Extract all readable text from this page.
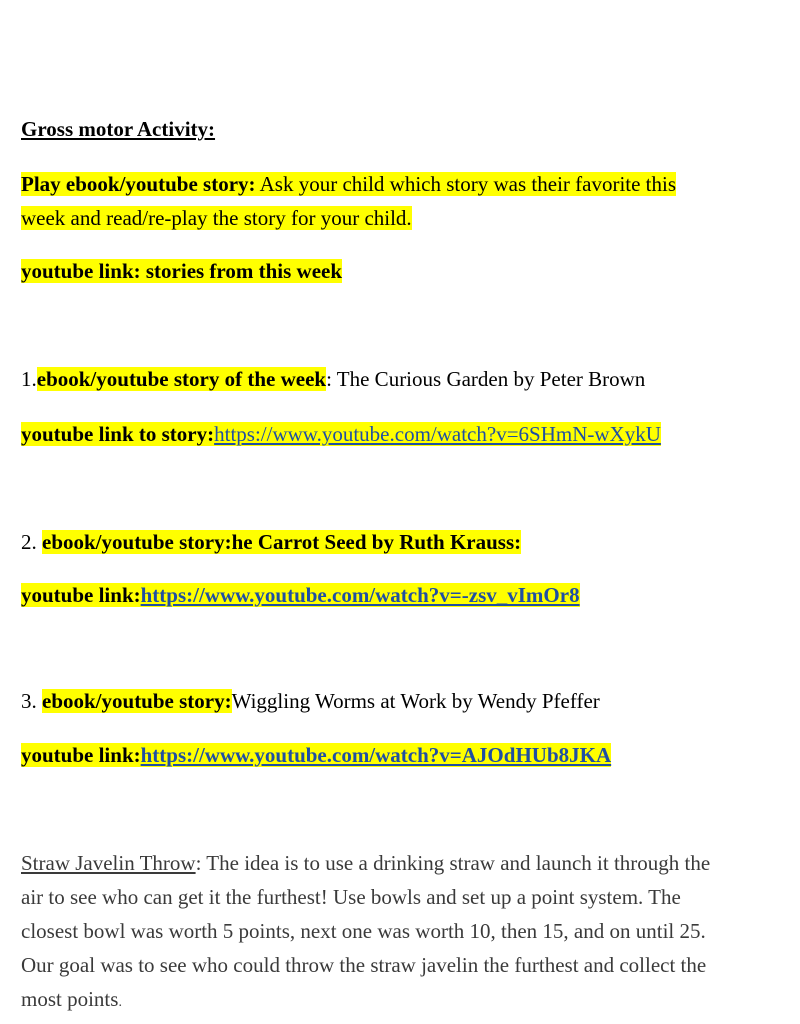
Gross motor Activity:
Play ebook/youtube story: Ask your child which story was their favorite this
week and read/re-play the story for your child.
youtube link: stories from this week
1.ebook/youtube story of the week: The Curious Garden by Peter Brown
youtube link to story:https://www.youtube.com/watch?v=6SHmN-wXykU
2. ebook/youtube story:he Carrot Seed by Ruth Krauss:
youtube link:https://www.youtube.com/watch?v=-zsv_vImOr8
3. ebook/youtube story:Wiggling Worms at Work by Wendy Pfeffer
youtube link:https://www.youtube.com/watch?v=AJOdHUb8JKA
Straw Javelin Throw: The idea is to use a drinking straw and launch it through the
air to see who can get it the furthest! Use bowls and set up a point system. The
closest bowl was worth 5 points, next one was worth 10, then 15, and on until 25.
Our goal was to see who could throw the straw javelin the furthest and collect the
most points.
